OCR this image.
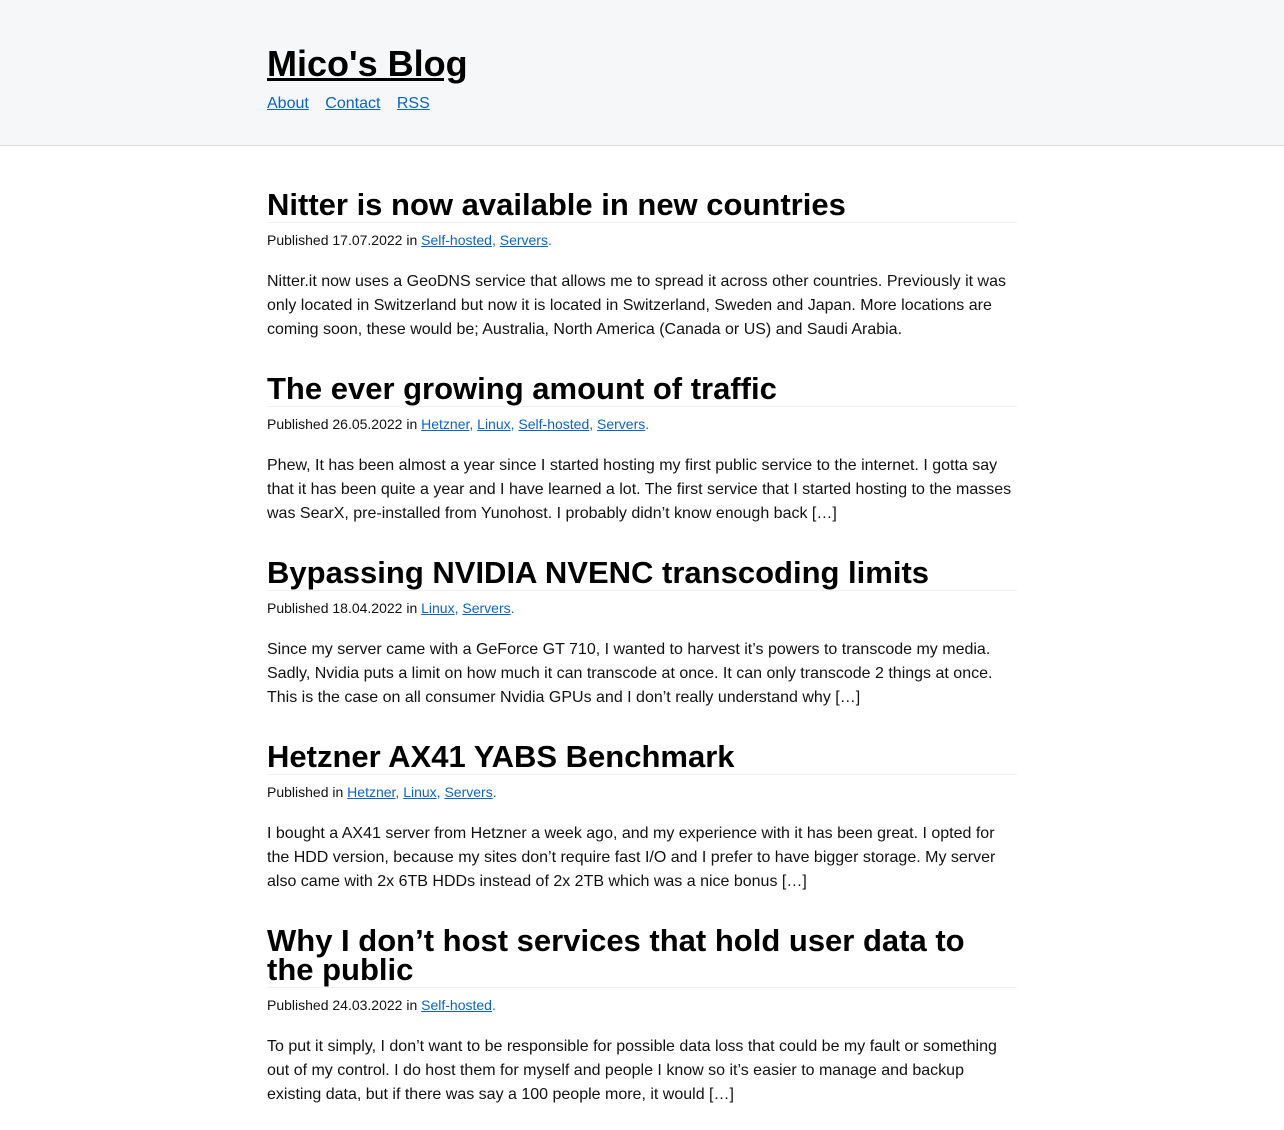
Mico's Blog
About Contact RSS
Nitter is now available in new countries

Published 17.07.2022 in Self-hosted, Servers.

Nitter.it now uses a GeoDNS service that allows me to spread it across other countries. Previously it was only located in Switzerland but now it is located in Switzerland, Sweden and Japan. More locations are coming soon, these would be; Australia, North America (Canada or US) and Saudi Arabia.

The ever growing amount of traffic

Published 26.05.2022 in Hetzner, Linux, Self-hosted, Servers.

Phew, It has been almost a year since I started hosting my first public service to the internet. I gotta say that it has been quite a year and I have learned a lot. The first service that I started hosting to the masses was SearX, pre-installed from Yunohost. I probably didn’t know enough back […]

Bypassing NVIDIA NVENC transcoding limits

Published 18.04.2022 in Linux, Servers.

Since my server came with a GeForce GT 710, I wanted to harvest it’s powers to transcode my media. Sadly, Nvidia puts a limit on how much it can transcode at once. It can only transcode 2 things at once. This is the case on all consumer Nvidia GPUs and I don’t really understand why […]

Hetzner AX41 YABS Benchmark

Published in Hetzner, Linux, Servers.

I bought a AX41 server from Hetzner a week ago, and my experience with it has been great. I opted for the HDD version, because my sites don’t require fast I/O and I prefer to have bigger storage. My server also came with 2x 6TB HDDs instead of 2x 2TB which was a nice bonus […]

Why I don’t host services that hold user data to the public

Published 24.03.2022 in Self-hosted.

To put it simply, I don’t want to be responsible for possible data loss that could be my fault or something out of my control. I do host them for myself and people I know so it’s easier to manage and backup existing data, but if there was say a 100 people more, it would […]
